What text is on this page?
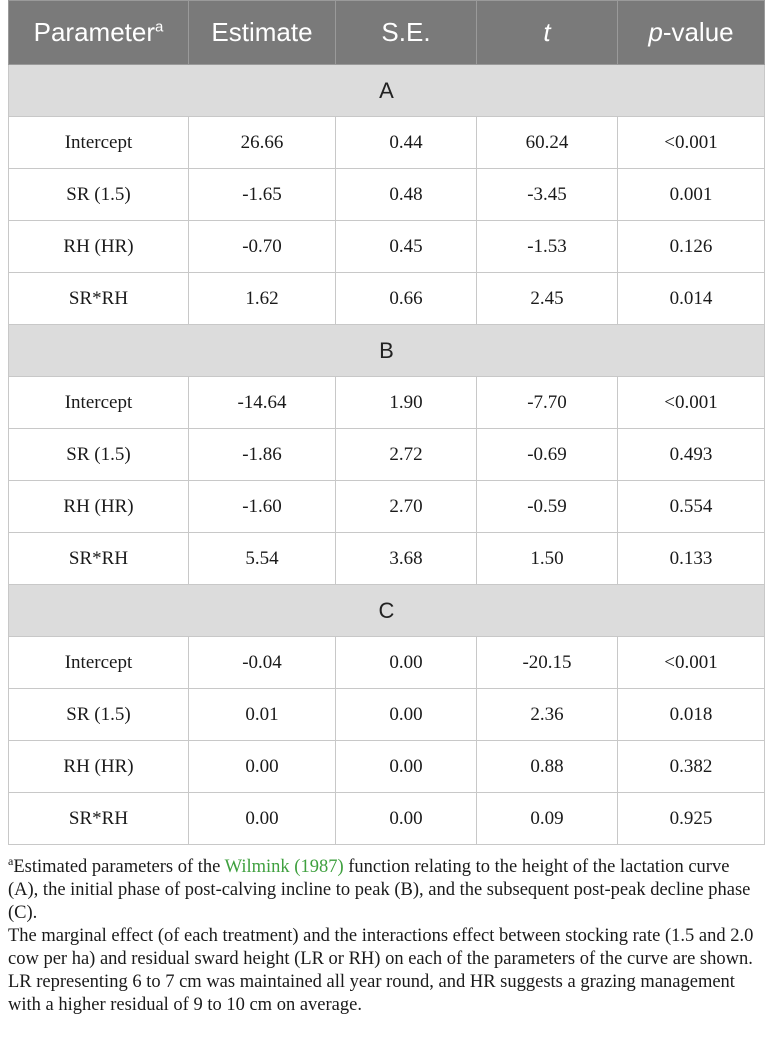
Parameter$^a$	Estimate	S.E.	t	p-value
A				
Intercept	26.66	0.44	60.24	<0.001
SR (1.5)	-1.65	0.48	-3.45	0.001
RH (HR)	-0.70	0.45	-1.53	0.126
SR*RH	1.62	0.66	2.45	0.014
B				
Intercept	-14.64	1.90	-7.70	<0.001
SR (1.5)	-1.86	2.72	-0.69	0.493
RH (HR)	-1.60	2.70	-0.59	0.554
SR*RH	5.54	3.68	1.50	0.133
C				
Intercept	-0.04	0.00	-20.15	<0.001
SR (1.5)	0.01	0.00	2.36	0.018
RH (HR)	0.00	0.00	0.88	0.382
SR*RH	0.00	0.00	0.09	0.925

$^a$Estimated parameters of the Wilmink (1987) function relating to the height of the lactation curve (A), the initial phase of post-calving incline to peak (B), and the subsequent post-peak decline phase (C).

The marginal effect (of each treatment) and the interactions effect between stocking rate (1.5 and 2.0 cow per ha) and residual sward height (LR or RH) on each of the parameters of the curve are shown. LR representing 6 to 7 cm was maintained all year round, and HR suggests a grazing management with a higher residual of 9 to 10 cm on average.
